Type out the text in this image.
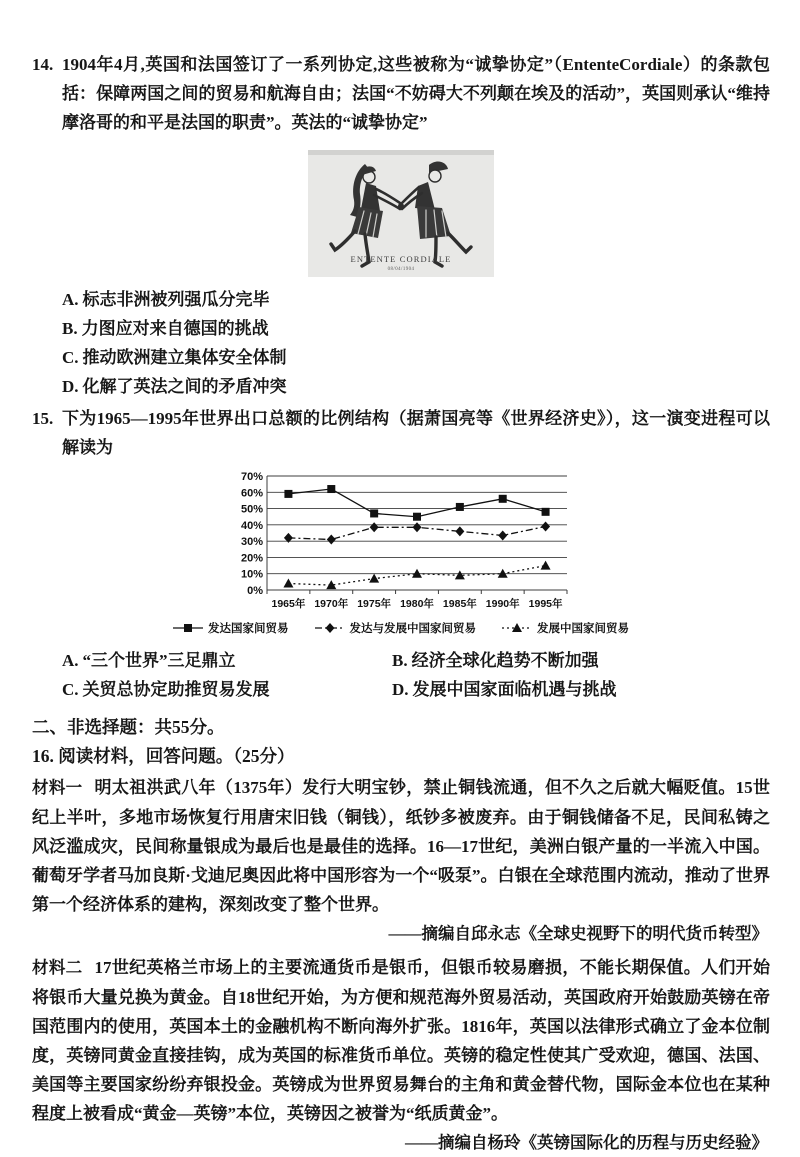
14. 1904年4月,英国和法国签订了一系列协定,这些被称为“诚挚协定”（EntenteCordiale）的条款包括：保障两国之间的贸易和航海自由；法国“不妨碍大不列颠在埃及的活动”，英国则承认“维持摩洛哥的和平是法国的职责”。英法的“诚挚协定”
ENTENTE CORDIALE
08/04/1904
A. 标志非洲被列强瓜分完毕
B. 力图应对来自德国的挑战
C. 推动欧洲建立集体安全体制
D. 化解了英法之间的矛盾冲突
15. 下为1965—1995年世界出口总额的比例结构（据萧国亮等《世界经济史》），这一演变进程可以解读为
0%
10%
20%
30%
40%
50%
60%
70%
1965年 1970年 1975年 1980年 1985年 1990年 1995年
发达国家间贸易	发达与发展中国家间贸易	发展中国家间贸易
A. “三个世界”三足鼎立	B. 经济全球化趋势不断加强
C. 关贸总协定助推贸易发展	D. 发展中国家面临机遇与挑战
二、非选择题：共55分。
16. 阅读材料，回答问题。（25分）
材料一 明太祖洪武八年（1375年）发行大明宝钞，禁止铜钱流通，但不久之后就大幅贬值。15世纪上半叶，多地市场恢复行用唐宋旧钱（铜钱），纸钞多被废弃。由于铜钱储备不足，民间私铸之风泛滥成灾，民间称量银成为最后也是最佳的选择。16—17世纪，美洲白银产量的一半流入中国。葡萄牙学者马加良斯·戈迪尼奥因此将中国形容为一个“吸泵”。白银在全球范围内流动，推动了世界第一个经济体系的建构，深刻改变了整个世界。
——摘编自邱永志《全球史视野下的明代货币转型》
材料二 17世纪英格兰市场上的主要流通货币是银币，但银币较易磨损，不能长期保值。人们开始将银币大量兑换为黄金。自18世纪开始，为方便和规范海外贸易活动，英国政府开始鼓励英镑在帝国范围内的使用，英国本土的金融机构不断向海外扩张。1816年，英国以法律形式确立了金本位制度，英镑同黄金直接挂钩，成为英国的标准货币单位。英镑的稳定性使其广受欢迎，德国、法国、美国等主要国家纷纷弃银投金。英镑成为世界贸易舞台的主角和黄金替代物，国际金本位也在某种程度上被看成“黄金—英镑”本位，英镑因之被誉为“纸质黄金”。
——摘编自杨玲《英镑国际化的历程与历史经验》
